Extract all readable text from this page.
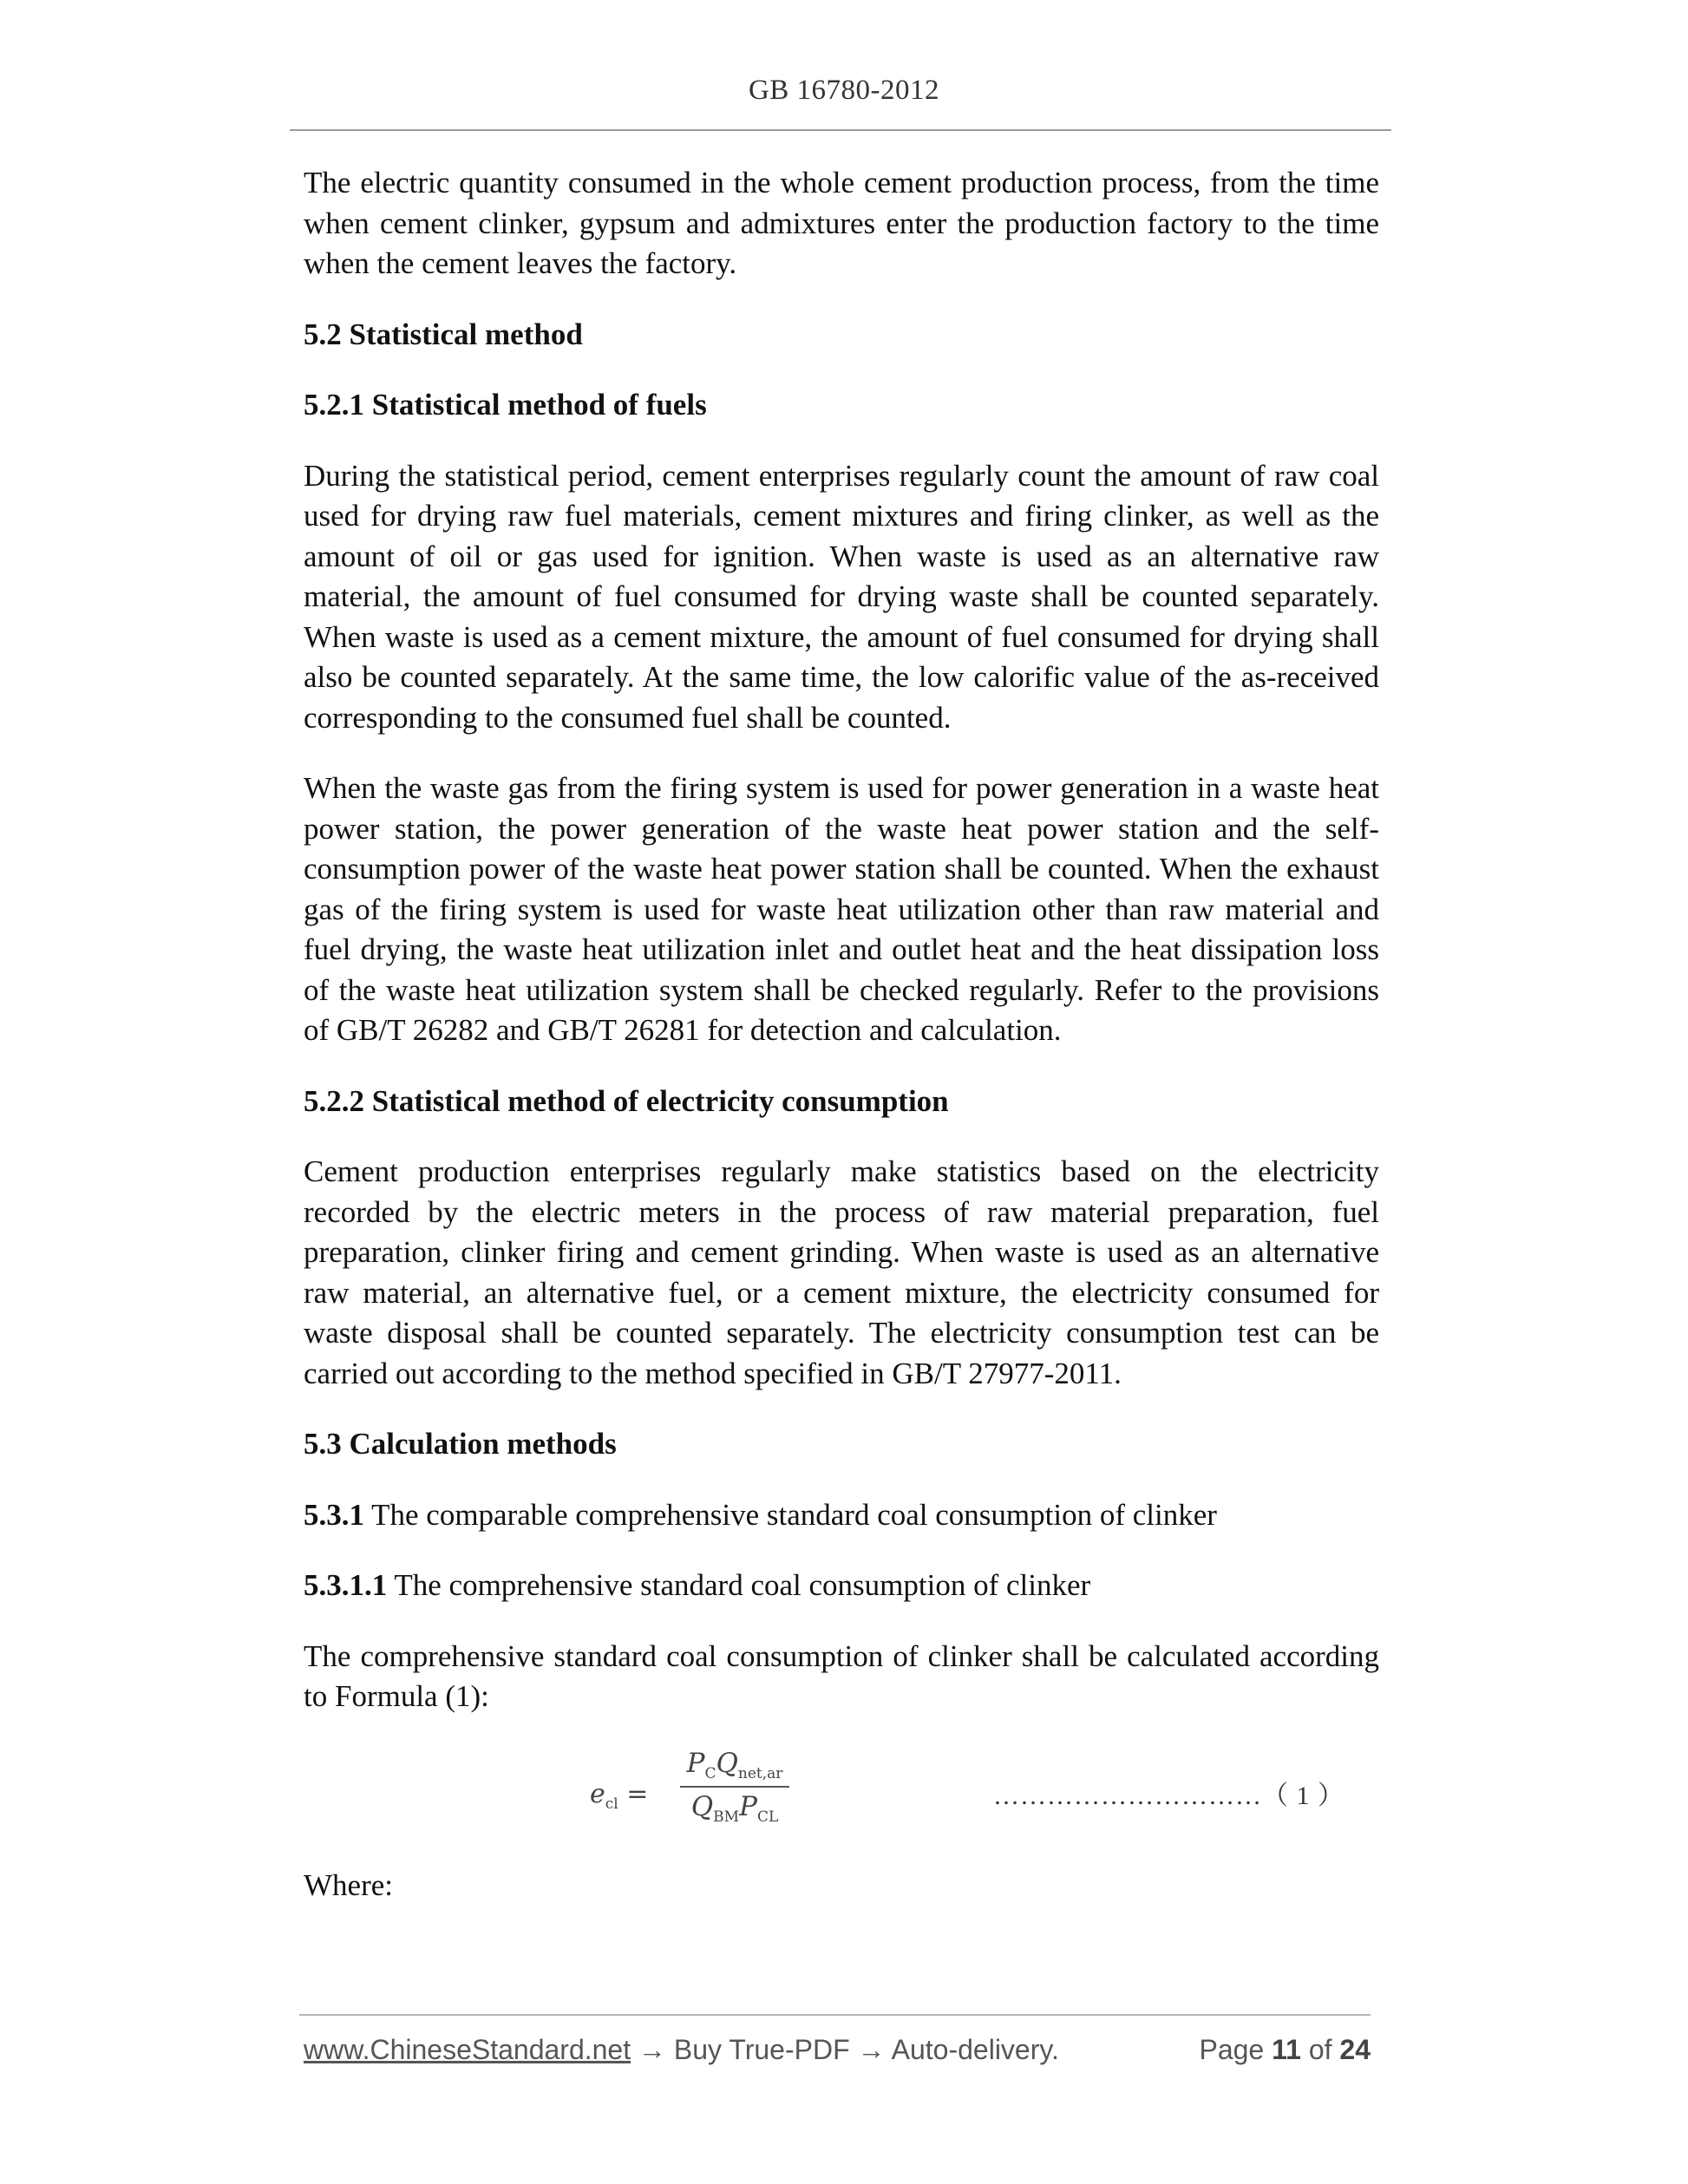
GB 16780-2012

The electric quantity consumed in the whole cement production process, from the time when cement clinker, gypsum and admixtures enter the production factory to the time when the cement leaves the factory.

5.2 Statistical method

5.2.1 Statistical method of fuels

During the statistical period, cement enterprises regularly count the amount of raw coal used for drying raw fuel materials, cement mixtures and firing clinker, as well as the amount of oil or gas used for ignition. When waste is used as an alternative raw material, the amount of fuel consumed for drying waste shall be counted separately. When waste is used as a cement mixture, the amount of fuel consumed for drying shall also be counted separately. At the same time, the low calorific value of the as-received corresponding to the consumed fuel shall be counted.

When the waste gas from the firing system is used for power generation in a waste heat power station, the power generation of the waste heat power station and the self-consumption power of the waste heat power station shall be counted. When the exhaust gas of the firing system is used for waste heat utilization other than raw material and fuel drying, the waste heat utilization inlet and outlet heat and the heat dissipation loss of the waste heat utilization system shall be checked regularly. Refer to the provisions of GB/T 26282 and GB/T 26281 for detection and calculation.

5.2.2 Statistical method of electricity consumption

Cement production enterprises regularly make statistics based on the electricity recorded by the electric meters in the process of raw material preparation, fuel preparation, clinker firing and cement grinding. When waste is used as an alternative raw material, an alternative fuel, or a cement mixture, the electricity consumed for waste disposal shall be counted separately. The electricity consumption test can be carried out according to the method specified in GB/T 27977-2011.

5.3 Calculation methods

5.3.1 The comparable comprehensive standard coal consumption of clinker

5.3.1.1 The comprehensive standard coal consumption of clinker

The comprehensive standard coal consumption of clinker shall be calculated according to Formula (1):

$e_{cl}$ =
$P_CQ_{net,ar}$
$Q_{BM}P_{CL}$
…………………………（ 1 ）

Where:

www.ChineseStandard.net → Buy True-PDF → Auto-delivery.	Page 11 of 24
